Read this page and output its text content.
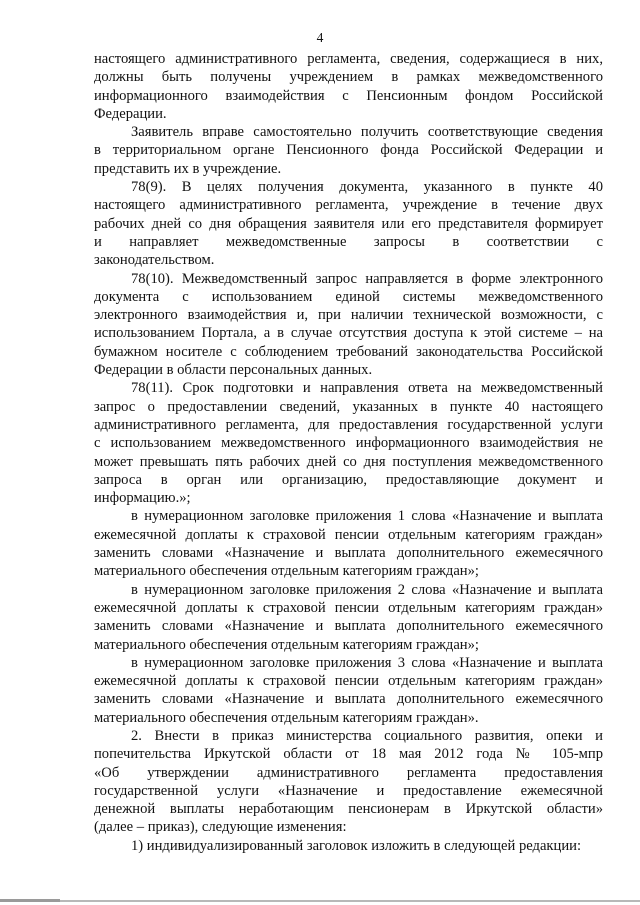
4
настоящего административного регламента, сведения, содержащиеся в них,
должны быть получены учреждением в рамках межведомственного
информационного взаимодействия с Пенсионным фондом Российской
Федерации.
Заявитель вправе самостоятельно получить соответствующие сведения
в территориальном органе Пенсионного фонда Российской Федерации и
представить их в учреждение.
78(9). В целях получения документа, указанного в пункте 40
настоящего административного регламента, учреждение в течение двух
рабочих дней со дня обращения заявителя или его представителя формирует
и направляет межведомственные запросы в соответствии с
законодательством.
78(10). Межведомственный запрос направляется в форме электронного
документа с использованием единой системы межведомственного
электронного взаимодействия и, при наличии технической возможности, с
использованием Портала, а в случае отсутствия доступа к этой системе – на
бумажном носителе с соблюдением требований законодательства Российской
Федерации в области персональных данных.
78(11). Срок подготовки и направления ответа на межведомственный
запрос о предоставлении сведений, указанных в пункте 40 настоящего
административного регламента, для предоставления государственной услуги
с использованием межведомственного информационного взаимодействия не
может превышать пять рабочих дней со дня поступления межведомственного
запроса в орган или организацию, предоставляющие документ и
информацию.»;
в нумерационном заголовке приложения 1 слова «Назначение и выплата
ежемесячной доплаты к страховой пенсии отдельным категориям граждан»
заменить словами «Назначение и выплата дополнительного ежемесячного
материального обеспечения отдельным категориям граждан»;
в нумерационном заголовке приложения 2 слова «Назначение и выплата
ежемесячной доплаты к страховой пенсии отдельным категориям граждан»
заменить словами «Назначение и выплата дополнительного ежемесячного
материального обеспечения отдельным категориям граждан»;
в нумерационном заголовке приложения 3 слова «Назначение и выплата
ежемесячной доплаты к страховой пенсии отдельным категориям граждан»
заменить словами «Назначение и выплата дополнительного ежемесячного
материального обеспечения отдельным категориям граждан».
2. Внести в приказ министерства социального развития, опеки и
попечительства Иркутской области от 18 мая 2012 года № 105-мпр
«Об утверждении административного регламента предоставления
государственной услуги «Назначение и предоставление ежемесячной
денежной выплаты неработающим пенсионерам в Иркутской области»
(далее – приказ), следующие изменения:
1) индивидуализированный заголовок изложить в следующей редакции:
